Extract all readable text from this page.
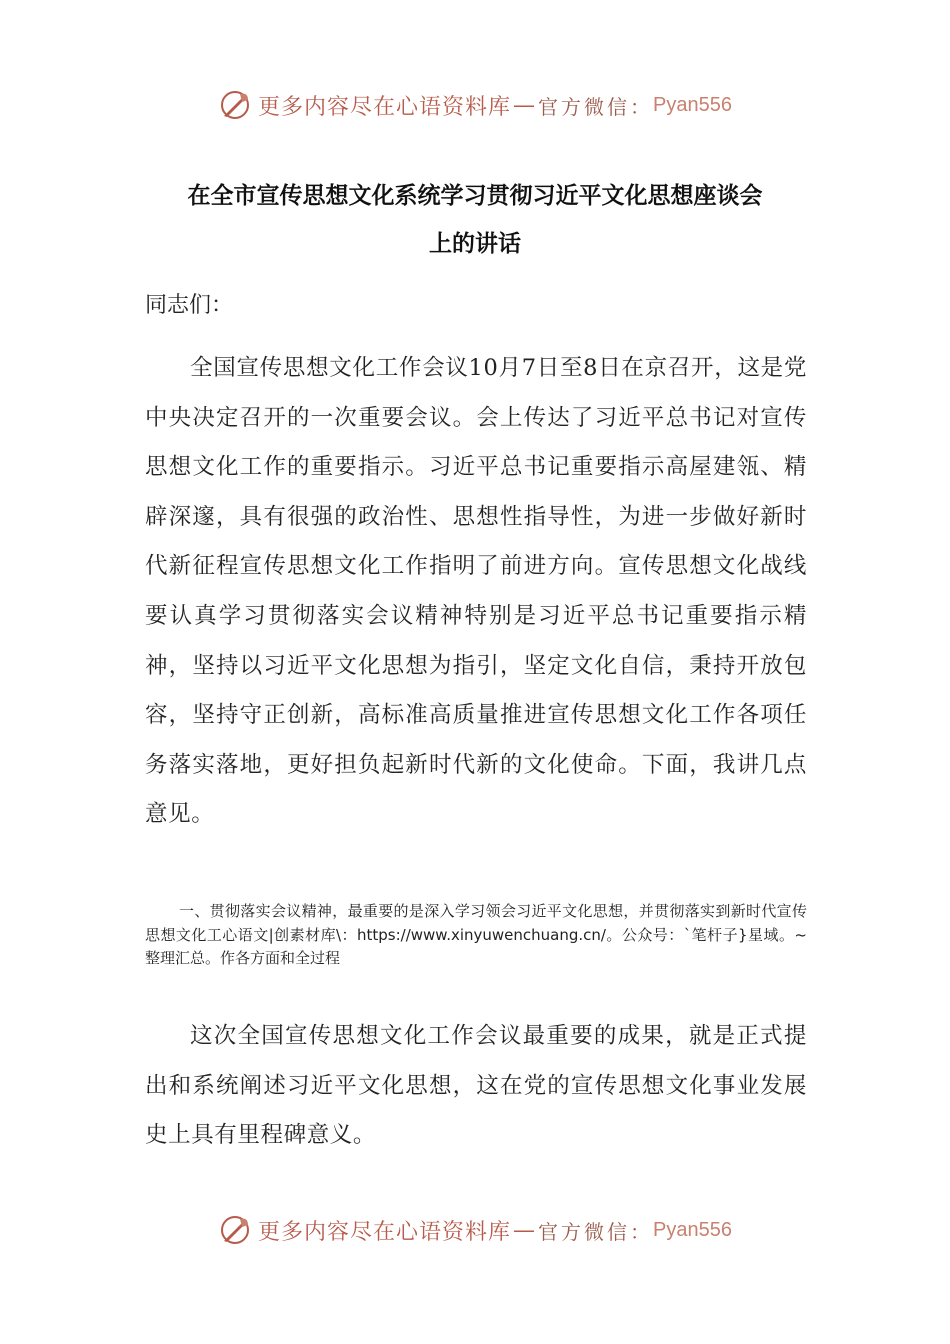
更多内容尽在心语资料库 — 官方微信： Pyan556
在全市宣传思想文化系统学习贯彻习近平文化思想座谈会
上的讲话
同志们：
全国宣传思想文化工作会议10月7日至8日在京召开，这是党中央决定召开的一次重要会议。会上传达了习近平总书记对宣传思想文化工作的重要指示。习近平总书记重要指示高屋建瓴、精辟深邃，具有很强的政治性、思想性指导性，为进一步做好新时代新征程宣传思想文化工作指明了前进方向。宣传思想文化战线要认真学习贯彻落实会议精神特别是习近平总书记重要指示精神，坚持以习近平文化思想为指引，坚定文化自信，秉持开放包容，坚持守正创新，高标准高质量推进宣传思想文化工作各项任务落实落地，更好担负起新时代新的文化使命。下面，我讲几点意见。
一、贯彻落实会议精神，最重要的是深入学习领会习近平文化思想，并贯彻落实到新时代宣传思想文化工心语文|创素材库\：https://www.xinyuwenchuang.cn/。公众号：`笔杆子}星域。~整理汇总。作各方面和全过程
这次全国宣传思想文化工作会议最重要的成果，就是正式提出和系统阐述习近平文化思想，这在党的宣传思想文化事业发展史上具有里程碑意义。
更多内容尽在心语资料库 — 官方微信： Pyan556
